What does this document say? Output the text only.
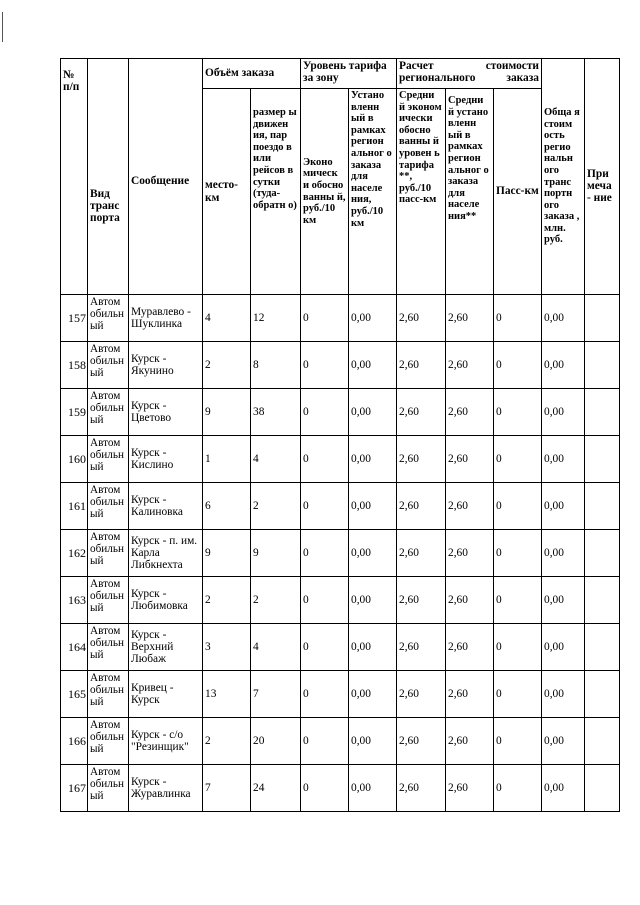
№ п/п	Вид транс порта	Сообщение	Объём заказа		Уровень тарифа за зону		Расчет стоимости регионального заказа			Обща я стоим ость регио нальн ого транс портн ого заказа , млн. руб.	При меча - ние
			место-км	размер ы движен ия, пар поездо в или рейсов в сутки (туда-обратн о)	Эконо мическ и обосно ванны й, руб./10 км	Устано вленн ый в рамках регион альног о заказа для населе ния, руб./10 км	Средни й эконом ически обосно ванны й уровен ь тарифа **, руб./10 пасс-км	Средни й устано вленн ый в рамках регион альног о заказа для населе ния**	Пасс-км		
157	Автом обильн ый	Муравлево - Шуклинка	4	12	0	0,00	2,60	2,60	0	0,00	
158	Автом обильн ый	Курск - Якунино	2	8	0	0,00	2,60	2,60	0	0,00	
159	Автом обильн ый	Курск - Цветово	9	38	0	0,00	2,60	2,60	0	0,00	
160	Автом обильн ый	Курск - Кислино	1	4	0	0,00	2,60	2,60	0	0,00	
161	Автом обильн ый	Курск - Калиновка	6	2	0	0,00	2,60	2,60	0	0,00	
162	Автом обильн ый	Курск - п. им. Карла Либкнехта	9	9	0	0,00	2,60	2,60	0	0,00	
163	Автом обильн ый	Курск - Любимовка	2	2	0	0,00	2,60	2,60	0	0,00	
164	Автом обильн ый	Курск - Верхний Любаж	3	4	0	0,00	2,60	2,60	0	0,00	
165	Автом обильн ый	Кривец - Курск	13	7	0	0,00	2,60	2,60	0	0,00	
166	Автом обильн ый	Курск - с/о "Резинщик"	2	20	0	0,00	2,60	2,60	0	0,00	
167	Автом обильн ый	Курск - Журавлинка	7	24	0	0,00	2,60	2,60	0	0,00	
